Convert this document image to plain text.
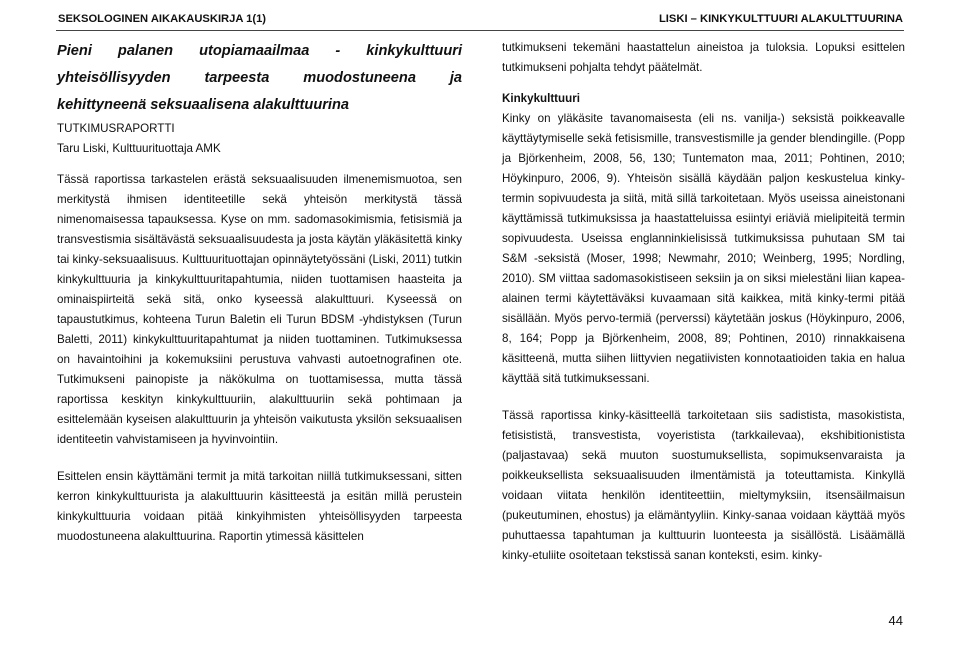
SEKSOLOGINEN AIKAKAUSKIRJA 1(1)	LISKI – KINKYKULTTUURI ALAKULTTUURINA

Pieni palanen utopiamaailmaa - kinkykulttuuri yhteisöllisyyden tarpeesta muodostuneena ja kehittyneenä seksuaalisena alakulttuurina

TUTKIMUSRAPORTTI

Taru Liski, Kulttuurituottaja AMK

Tässä raportissa tarkastelen erästä seksuaalisuuden ilmenemismuotoa, sen merkitystä ihmisen identiteetille sekä yhteisön merkitystä tässä nimenomaisessa tapauksessa. Kyse on mm. sadomasokimismia, fetisismiä ja transvestismia sisältävästä seksuaalisuudesta ja josta käytän yläkäsitettä kinky tai kinky-seksuaalisuus. Kulttuurituottajan opinnäytetyössäni (Liski, 2011) tutkin kinkykulttuuria ja kinkykulttuuritapahtumia, niiden tuottamisen haasteita ja ominaispiirteitä sekä sitä, onko kyseessä alakulttuuri. Kyseessä on tapaustutkimus, kohteena Turun Baletin eli Turun BDSM -yhdistyksen (Turun Baletti, 2011) kinkykulttuuritapahtumat ja niiden tuottaminen. Tutkimuksessa on havaintoihini ja kokemuksiini perustuva vahvasti autoetnografinen ote. Tutkimukseni painopiste ja näkökulma on tuottamisessa, mutta tässä raportissa keskityn kinkykulttuuriin, alakulttuuriin sekä pohtimaan ja esittelemään kyseisen alakulttuurin ja yhteisön vaikutusta yksilön seksuaalisen identiteetin vahvistamiseen ja hyvinvointiin.

Esittelen ensin käyttämäni termit ja mitä tarkoitan niillä tutkimuksessani, sitten kerron kinkykulttuurista ja alakulttuurin käsitteestä ja esitän millä perustein kinkykulttuuria voidaan pitää kinkyihmisten yhteisöllisyyden tarpeesta muodostuneena alakulttuurina. Raportin ytimessä käsittelen

tutkimukseni tekemäni haastattelun aineistoa ja tuloksia. Lopuksi esittelen tutkimukseni pohjalta tehdyt päätelmät.

Kinkykulttuuri

Kinky on yläkäsite tavanomaisesta (eli ns. vanilja-) seksistä poikkeavalle käyttäytymiselle sekä fetisismille, transvestismille ja gender blendingille. (Popp ja Björkenheim, 2008, 56, 130; Tuntematon maa, 2011; Pohtinen, 2010; Höykinpuro, 2006, 9). Yhteisön sisällä käydään paljon keskustelua kinky-termin sopivuudesta ja siitä, mitä sillä tarkoitetaan. Myös useissa aineistonani käyttämissä tutkimuksissa ja haastatteluissa esiintyi eriäviä mielipiteitä termin sopivuudesta. Useissa englanninkielisissä tutkimuksissa puhutaan SM tai S&M -seksistä (Moser, 1998; Newmahr, 2010; Weinberg, 1995; Nordling, 2010). SM viittaa sadomasokistiseen seksiin ja on siksi mielestäni liian kapea-alainen termi käytettäväksi kuvaamaan sitä kaikkea, mitä kinky-termi pitää sisällään. Myös pervo-termiä (perverssi) käytetään joskus (Höykinpuro, 2006, 8, 164; Popp ja Björkenheim, 2008, 89; Pohtinen, 2010) rinnakkaisena käsitteenä, mutta siihen liittyvien negatiivisten konnotaatioiden takia en halua käyttää sitä tutkimuksessani.

Tässä raportissa kinky-käsitteellä tarkoitetaan siis sadistista, masokistista, fetisististä, transvestista, voyeristista (tarkkailevaa), ekshibitionistista (paljastavaa) sekä muuton suostumuksellista, sopimuksenvaraista ja poikkeuksellista seksuaalisuuden ilmentämistä ja toteuttamista. Kinkyllä voidaan viitata henkilön identiteettiin, mieltymyksiin, itsensäilmaisun (pukeutuminen, ehostus) ja elämäntyyliin. Kinky-sanaa voidaan käyttää myös puhuttaessa tapahtuman ja kulttuurin luonteesta ja sisällöstä. Lisäämällä kinky-etuliite osoitetaan tekstissä sanan konteksti, esim. kinky-

44
